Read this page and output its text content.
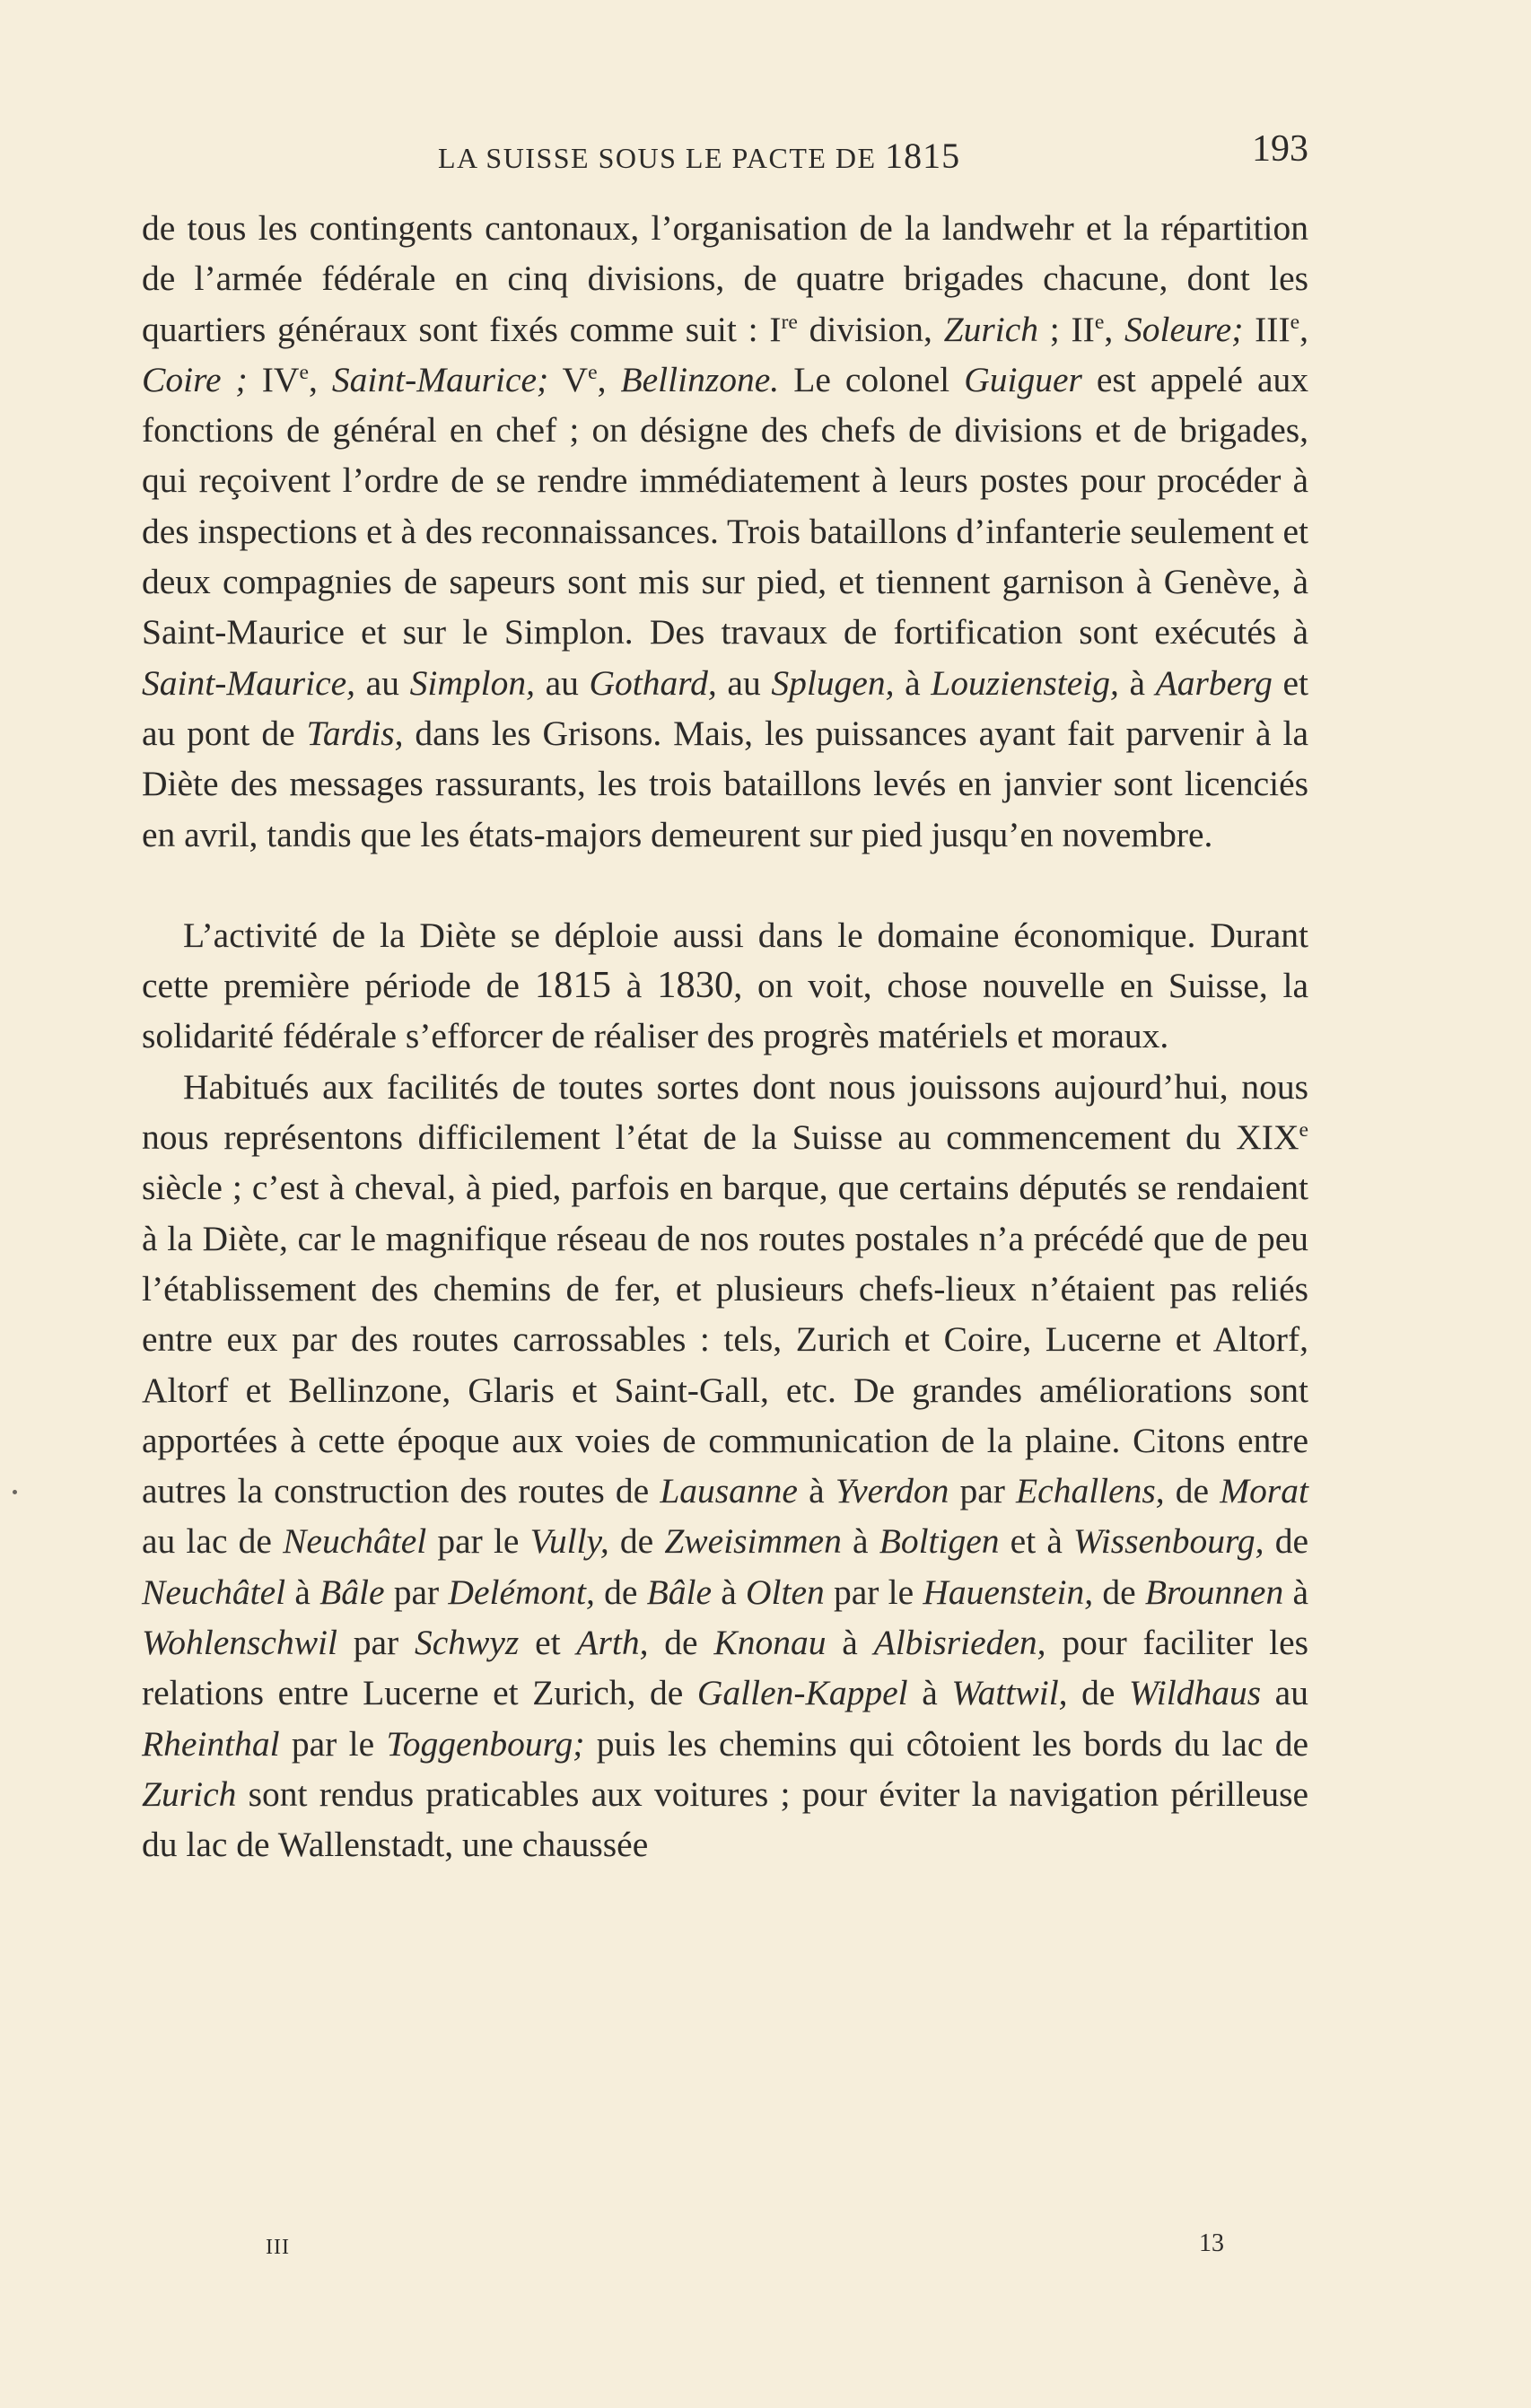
LA SUISSE SOUS LE PACTE DE 1815	193

de tous les contingents cantonaux, l’organisation de la landwehr et la répartition de l’armée fédérale en cinq divisions, de quatre brigades chacune, dont les quartiers généraux sont fixés comme suit : Ire division, Zurich ; IIe, Soleure; IIIe, Coire ; IVe, Saint-Maurice; Ve, Bellinzone. Le colonel Guiguer est appelé aux fonctions de général en chef ; on désigne des chefs de divisions et de brigades, qui reçoivent l’ordre de se rendre immédiatement à leurs postes pour procéder à des inspections et à des reconnaissances. Trois bataillons d’infanterie seulement et deux compagnies de sapeurs sont mis sur pied, et tiennent garnison à Genève, à Saint-Maurice et sur le Simplon. Des travaux de fortification sont exécutés à Saint-Maurice, au Simplon, au Gothard, au Splugen, à Louziensteig, à Aarberg et au pont de Tardis, dans les Grisons. Mais, les puissances ayant fait parvenir à la Diète des messages rassurants, les trois bataillons levés en janvier sont licenciés en avril, tandis que les états-majors demeurent sur pied jusqu’en novembre.

L’activité de la Diète se déploie aussi dans le domaine économique. Durant cette première période de 1815 à 1830, on voit, chose nouvelle en Suisse, la solidarité fédérale s’efforcer de réaliser des progrès matériels et moraux.

Habitués aux facilités de toutes sortes dont nous jouissons aujourd’hui, nous nous représentons difficilement l’état de la Suisse au commencement du XIXe siècle ; c’est à cheval, à pied, parfois en barque, que certains députés se rendaient à la Diète, car le magnifique réseau de nos routes postales n’a précédé que de peu l’établissement des chemins de fer, et plusieurs chefs-lieux n’étaient pas reliés entre eux par des routes carrossables : tels, Zurich et Coire, Lucerne et Altorf, Altorf et Bellinzone, Glaris et Saint-Gall, etc. De grandes améliorations sont apportées à cette époque aux voies de communication de la plaine. Citons entre autres la construction des routes de Lausanne à Yverdon par Echallens, de Morat au lac de Neuchâtel par le Vully, de Zweisimmen à Boltigen et à Wissenbourg, de Neuchâtel à Bâle par Delémont, de Bâle à Olten par le Hauenstein, de Brounnen à Wohlenschwil par Schwyz et Arth, de Knonau à Albisrieden, pour faciliter les relations entre Lucerne et Zurich, de Gallen-Kappel à Wattwil, de Wildhaus au Rheinthal par le Toggenbourg; puis les chemins qui côtoient les bords du lac de Zurich sont rendus praticables aux voitures ; pour éviter la navigation périlleuse du lac de Wallenstadt, une chaussée

III	13
